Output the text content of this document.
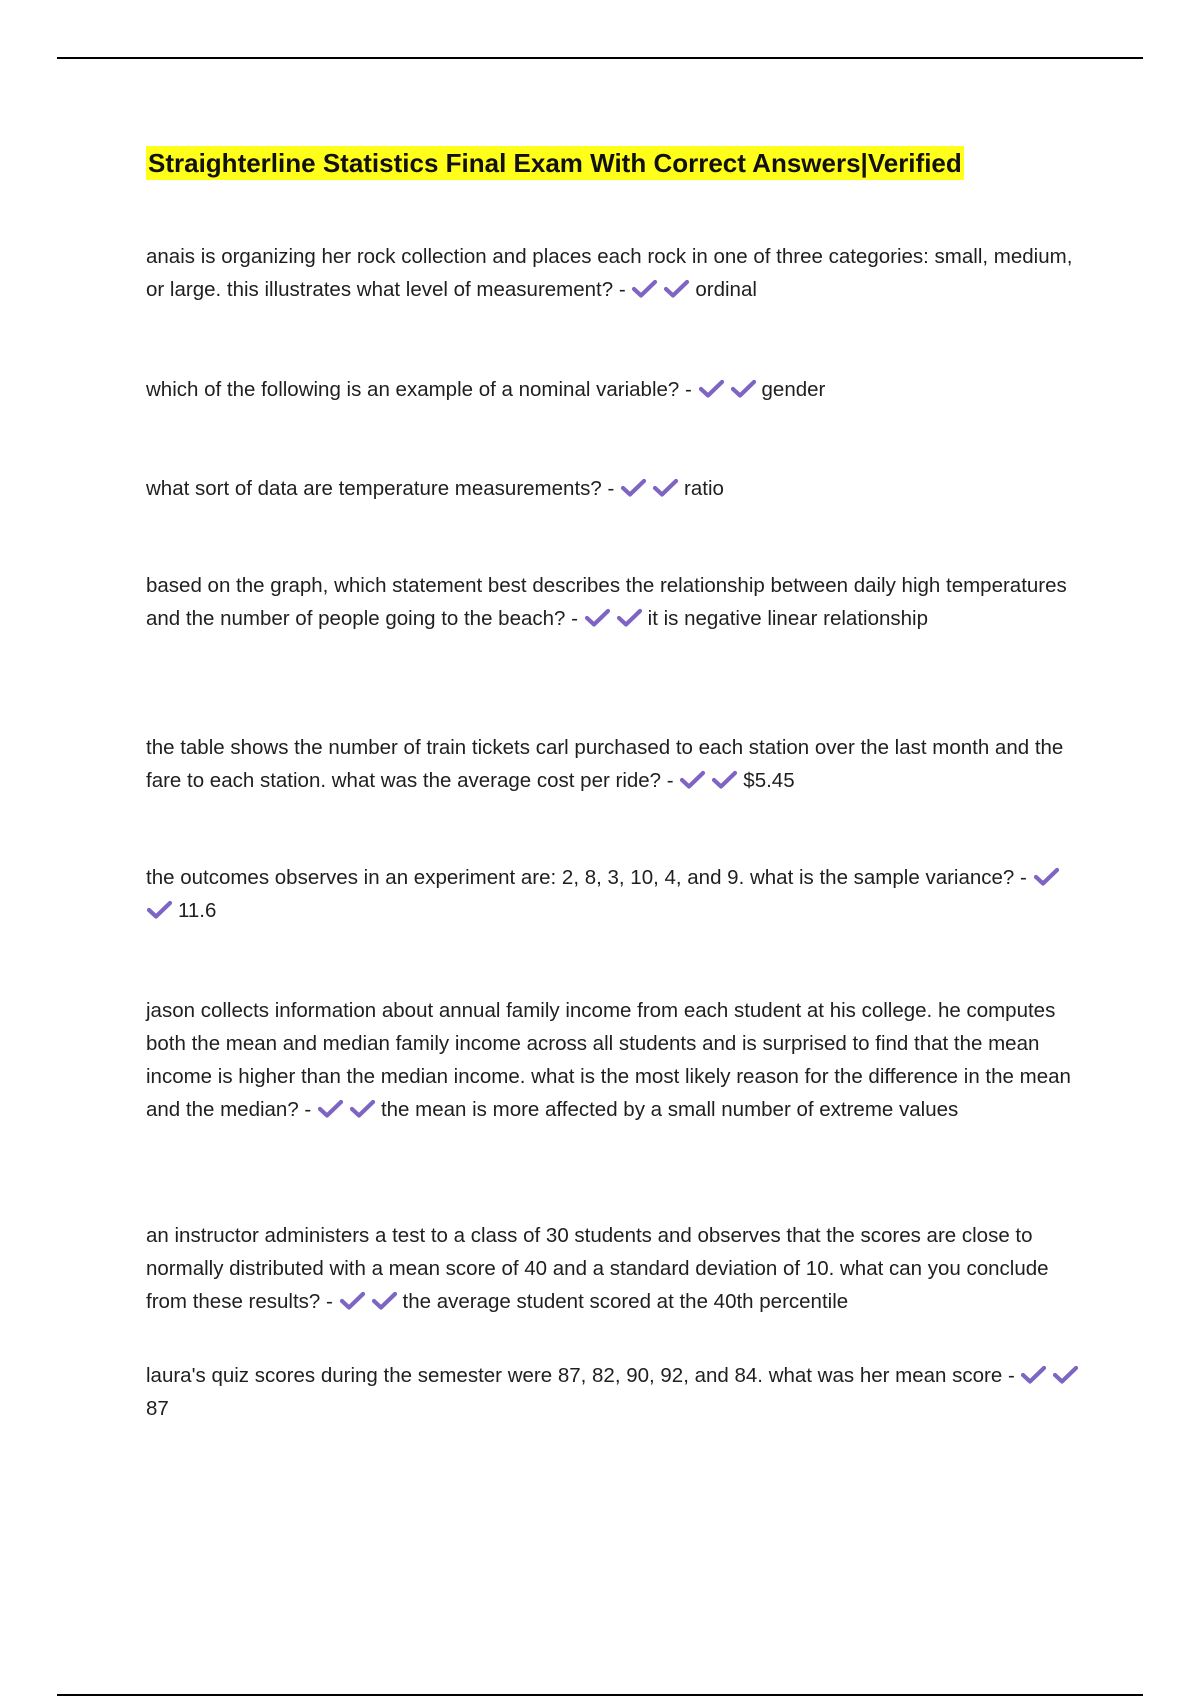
Straighterline Statistics Final Exam With Correct Answers|Verified

anais is organizing her rock collection and places each rock in one of three categories: small, medium, or large. this illustrates what level of measurement? -	ordinal

which of the following is an example of a nominal variable? -	gender

what sort of data are temperature measurements? -	ratio

based on the graph, which statement best describes the relationship between daily high temperatures and the number of people going to the beach? -	it is negative linear relationship

the table shows the number of train tickets carl purchased to each station over the last month and the fare to each station. what was the average cost per ride? -	$5.45

the outcomes observes in an experiment are: 2, 8, 3, 10, 4, and 9. what is the sample variance? -
11.6

jason collects information about annual family income from each student at his college. he computes both the mean and median family income across all students and is surprised to find that the mean income is higher than the median income. what is the most likely reason for the difference in the mean and the median? -	the mean is more affected by a small number of extreme values

an instructor administers a test to a class of 30 students and observes that the scores are close to normally distributed with a mean score of 40 and a standard deviation of 10. what can you conclude from these results? -	the average student scored at the 40th percentile

laura's quiz scores during the semester were 87, 82, 90, 92, and 84. what was her mean score -
87
